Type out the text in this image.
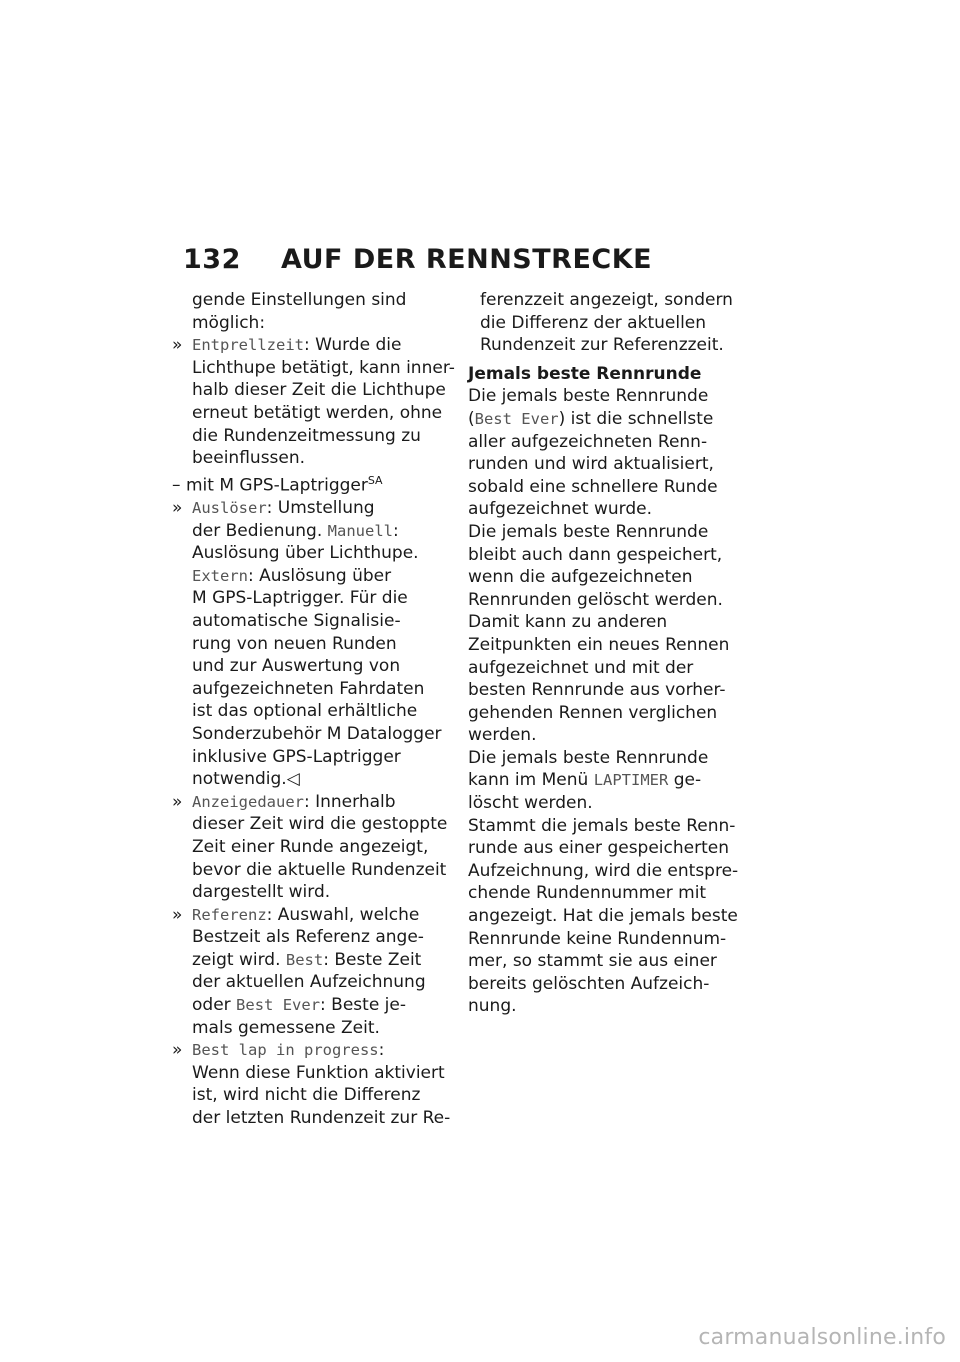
132	AUF DER RENNSTRECKE
gende Einstellungen sind
möglich:
» Entprellzeit: Wurde die
Lichthupe betätigt, kann inner-
halb dieser Zeit die Lichthupe
erneut betätigt werden, ohne
die Rundenzeitmessung zu
beeinflussen.
– mit M GPS-Laptrigger$^{SA}$
» Auslöser: Umstellung
der Bedienung. Manuell:
Auslösung über Lichthupe.
Extern: Auslösung über
M GPS-Laptrigger. Für die
automatische Signalisie-
rung von neuen Runden
und zur Auswertung von
aufgezeichneten Fahrdaten
ist das optional erhältliche
Sonderzubehör M Datalogger
inklusive GPS-Laptrigger
notwendig.◁
» Anzeigedauer: Innerhalb
dieser Zeit wird die gestoppte
Zeit einer Runde angezeigt,
bevor die aktuelle Rundenzeit
dargestellt wird.
» Referenz: Auswahl, welche
Bestzeit als Referenz ange-
zeigt wird. Best: Beste Zeit
der aktuellen Aufzeichnung
oder Best Ever: Beste je-
mals gemessene Zeit.
» Best lap in progress:
Wenn diese Funktion aktiviert
ist, wird nicht die Differenz
der letzten Rundenzeit zur Re-
ferenzzeit angezeigt, sondern
die Differenz der aktuellen
Rundenzeit zur Referenzzeit.
Jemals beste Rennrunde
Die jemals beste Rennrunde
(Best Ever) ist die schnellste
aller aufgezeichneten Renn-
runden und wird aktualisiert,
sobald eine schnellere Runde
aufgezeichnet wurde.
Die jemals beste Rennrunde
bleibt auch dann gespeichert,
wenn die aufgezeichneten
Rennrunden gelöscht werden.
Damit kann zu anderen
Zeitpunkten ein neues Rennen
aufgezeichnet und mit der
besten Rennrunde aus vorher-
gehenden Rennen verglichen
werden.
Die jemals beste Rennrunde
kann im Menü LAPTIMER ge-
löscht werden.
Stammt die jemals beste Renn-
runde aus einer gespeicherten
Aufzeichnung, wird die entspre-
chende Rundennummer mit
angezeigt. Hat die jemals beste
Rennrunde keine Rundennum-
mer, so stammt sie aus einer
bereits gelöschten Aufzeich-
nung.
carmanualsonline.info
